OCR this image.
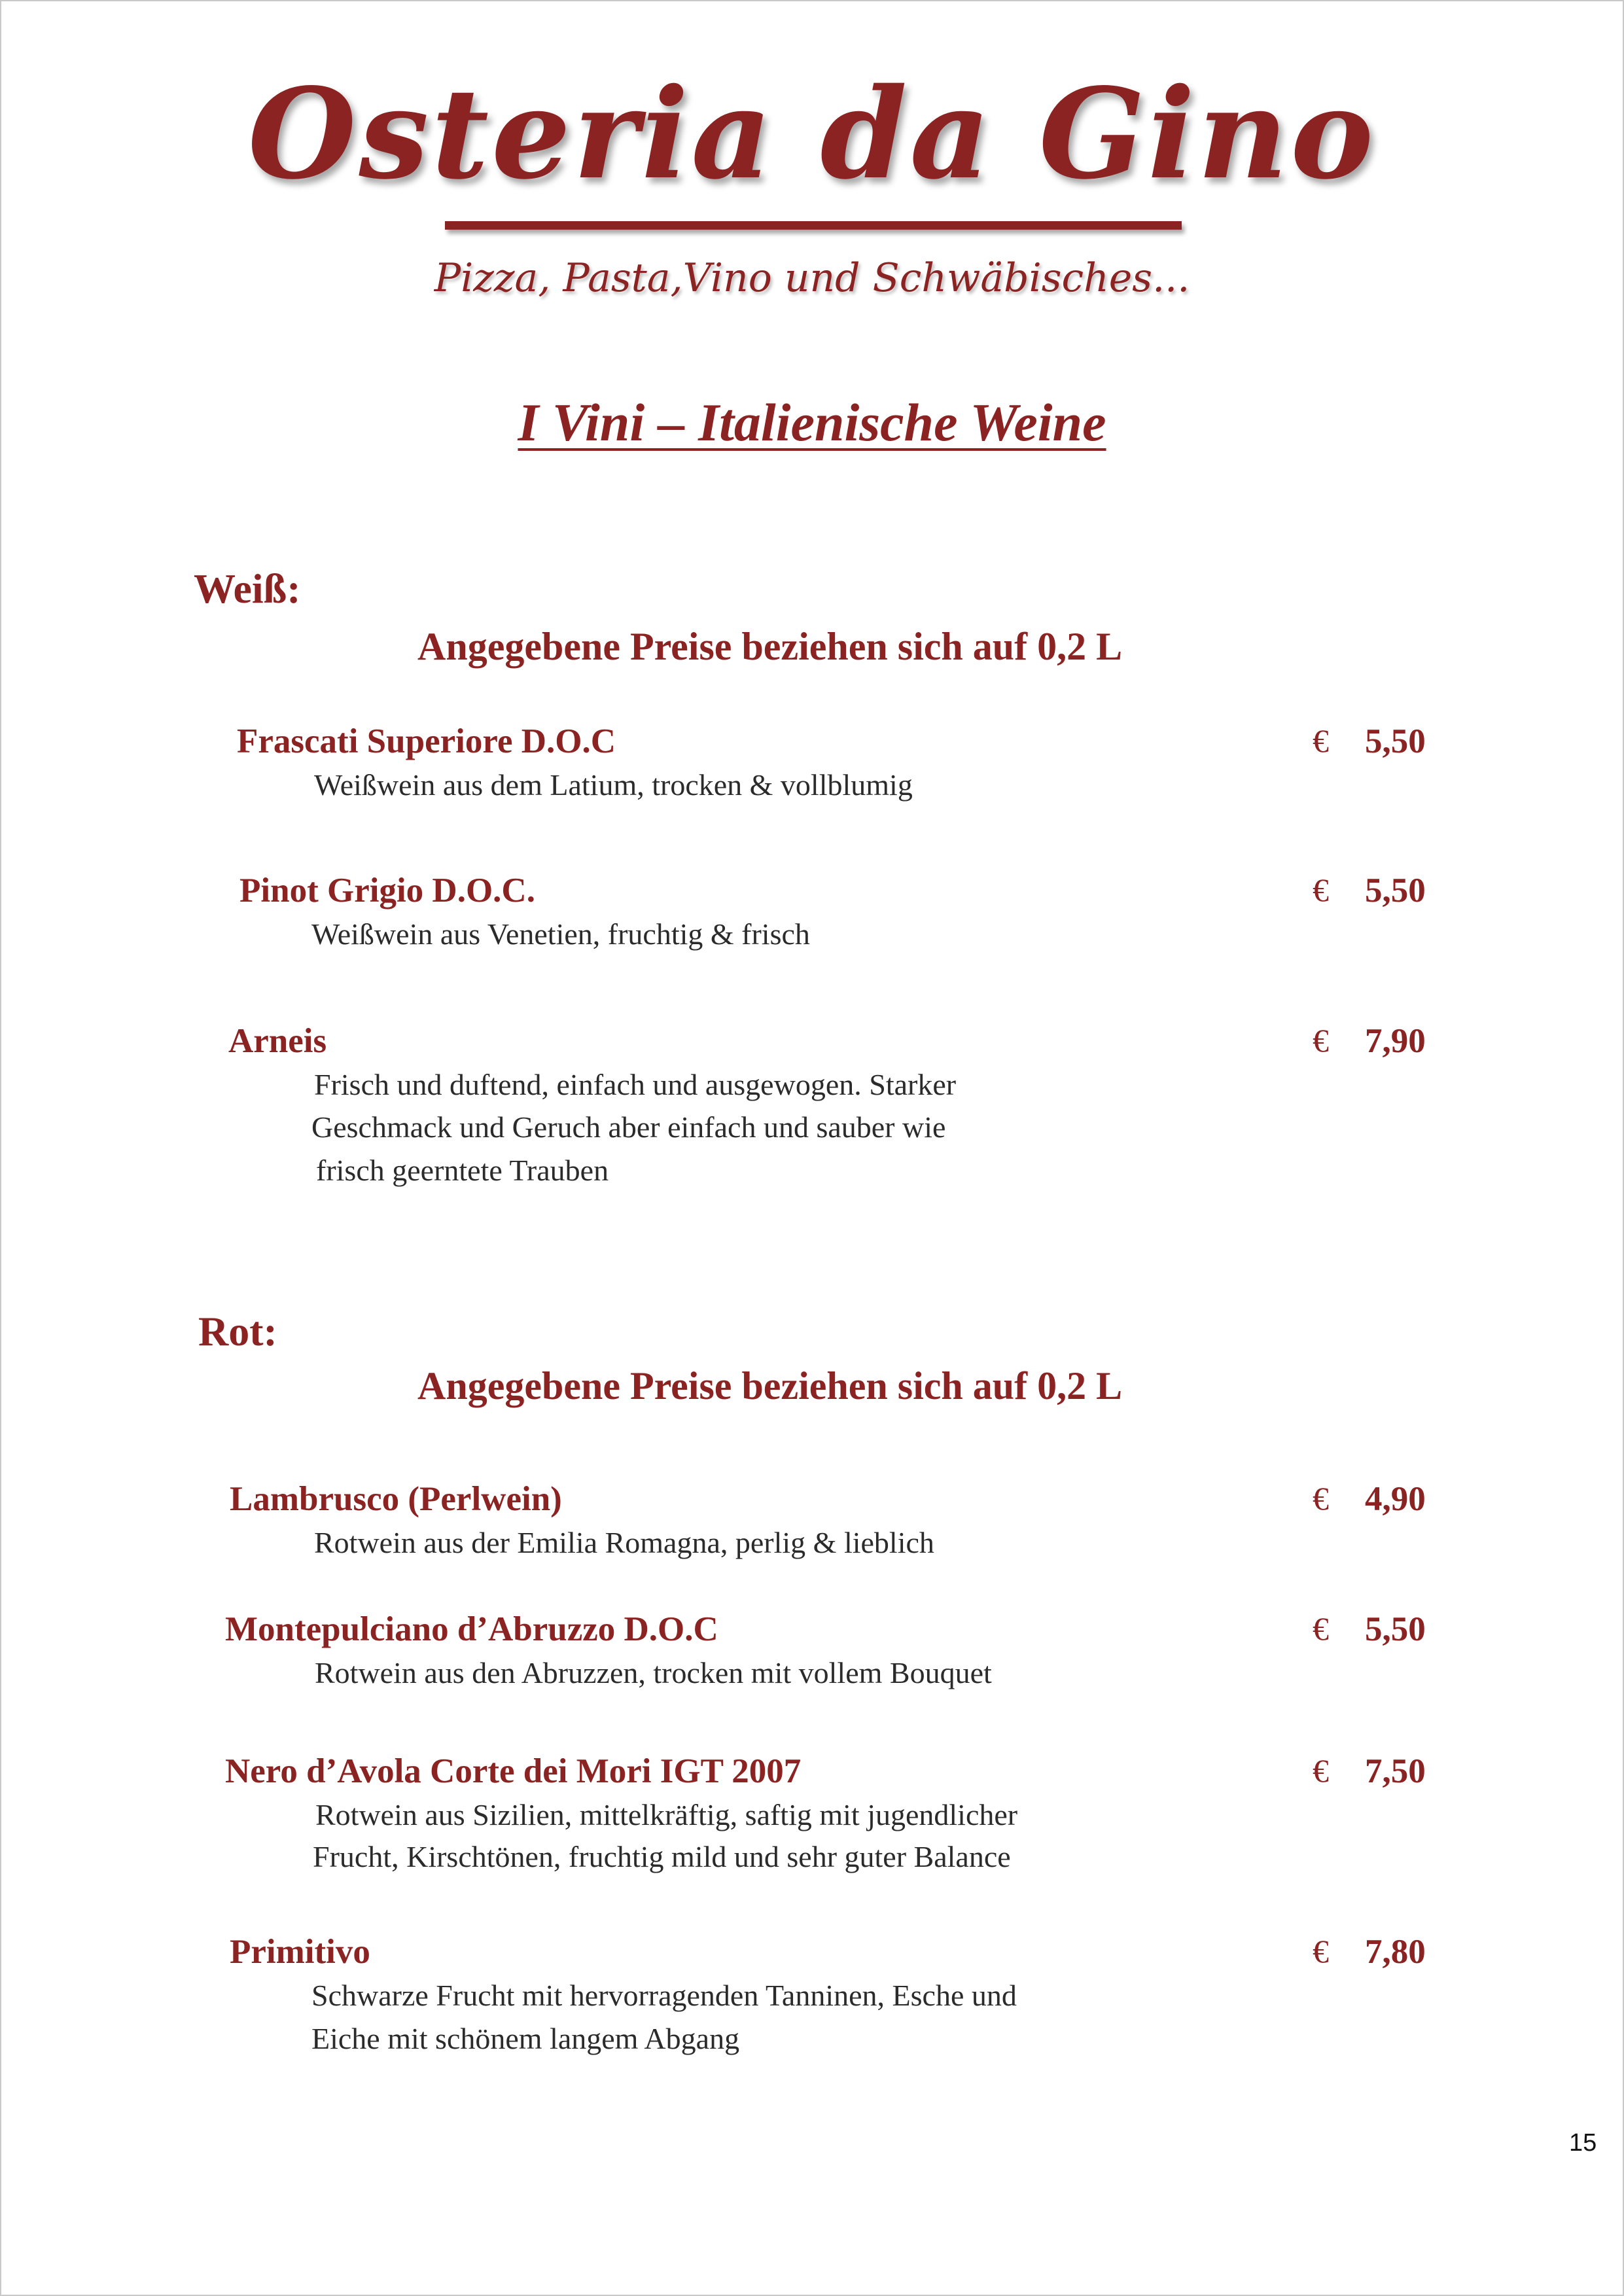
Osteria da Gino
Pizza, Pasta,Vino und Schwäbisches...
I Vini – Italienische Weine
Weiß:
Angegebene Preise beziehen sich auf 0,2 L
Frascati Superiore D.O.C	€ 5,50
Weißwein aus dem Latium, trocken & vollblumig
Pinot Grigio D.O.C.	€ 5,50
Weißwein aus Venetien, fruchtig & frisch
Arneis	€ 7,90
Frisch und duftend, einfach und ausgewogen. Starker
Geschmack und Geruch aber einfach und sauber wie
frisch geerntete Trauben
Rot:
Angegebene Preise beziehen sich auf 0,2 L
Lambrusco (Perlwein)	€ 4,90
Rotwein aus der Emilia Romagna, perlig & lieblich
Montepulciano d’Abruzzo D.O.C	€ 5,50
Rotwein aus den Abruzzen, trocken mit vollem Bouquet
Nero d’Avola Corte dei Mori IGT 2007	€ 7,50
Rotwein aus Sizilien, mittelkräftig, saftig mit jugendlicher
Frucht, Kirschtönen, fruchtig mild und sehr guter Balance
Primitivo	€ 7,80
Schwarze Frucht mit hervorragenden Tanninen, Esche und
Eiche mit schönem langem Abgang
15
